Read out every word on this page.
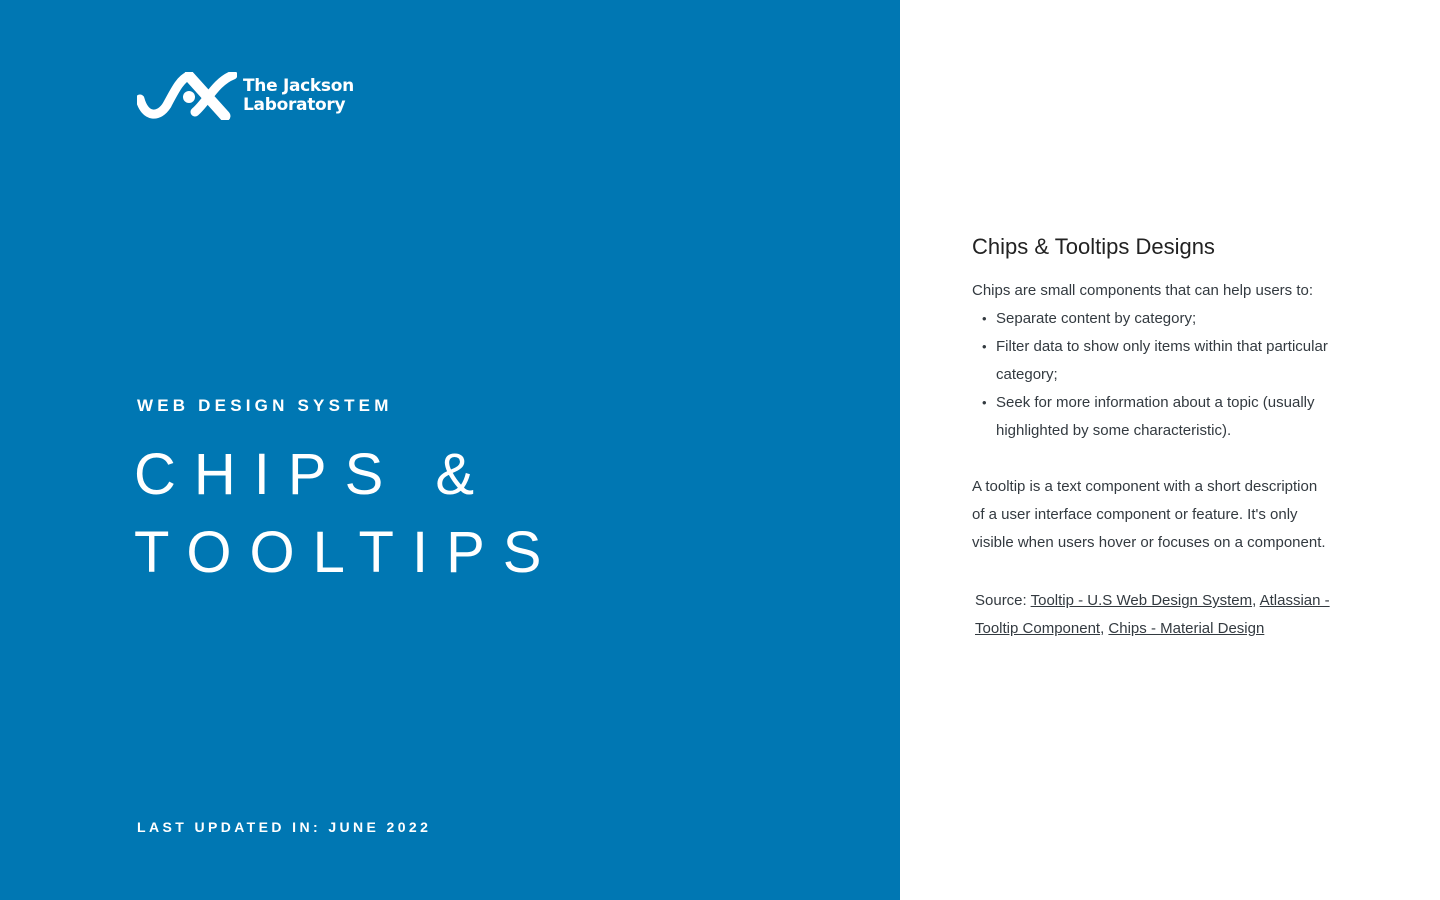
The Jackson
Laboratory

WEB DESIGN SYSTEM

CHIPS &
TOOLTIPS

LAST UPDATED IN: JUNE 2022

Chips & Tooltips Designs

Chips are small components that can help users to:

• Separate content by category;
• Filter data to show only items within that particular category;
• Seek for more information about a topic (usually highlighted by some characteristic).

A tooltip is a text component with a short description of a user interface component or feature. It's only visible when users hover or focuses on a component.

Source: Tooltip - U.S Web Design System, Atlassian - Tooltip Component, Chips - Material Design
